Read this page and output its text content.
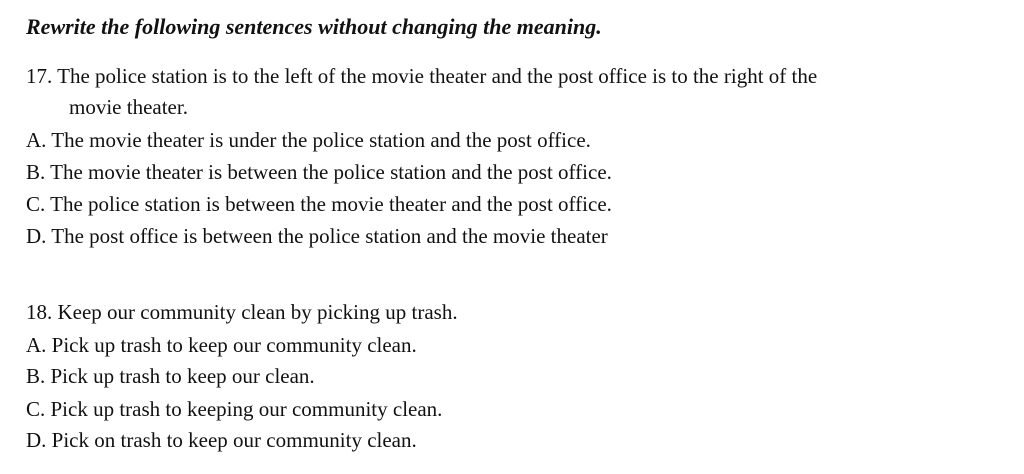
Rewrite the following sentences without changing the meaning.
17. The police station is to the left of the movie theater and the post office is to the right of the
movie theater.
A. The movie theater is under the police station and the post office.
B. The movie theater is between the police station and the post office.
C. The police station is between the movie theater and the post office.
D. The post office is between the police station and the movie theater
18. Keep our community clean by picking up trash.
A. Pick up trash to keep our community clean.
B. Pick up trash to keep our clean.
C. Pick up trash to keeping our community clean.
D. Pick on trash to keep our community clean.
